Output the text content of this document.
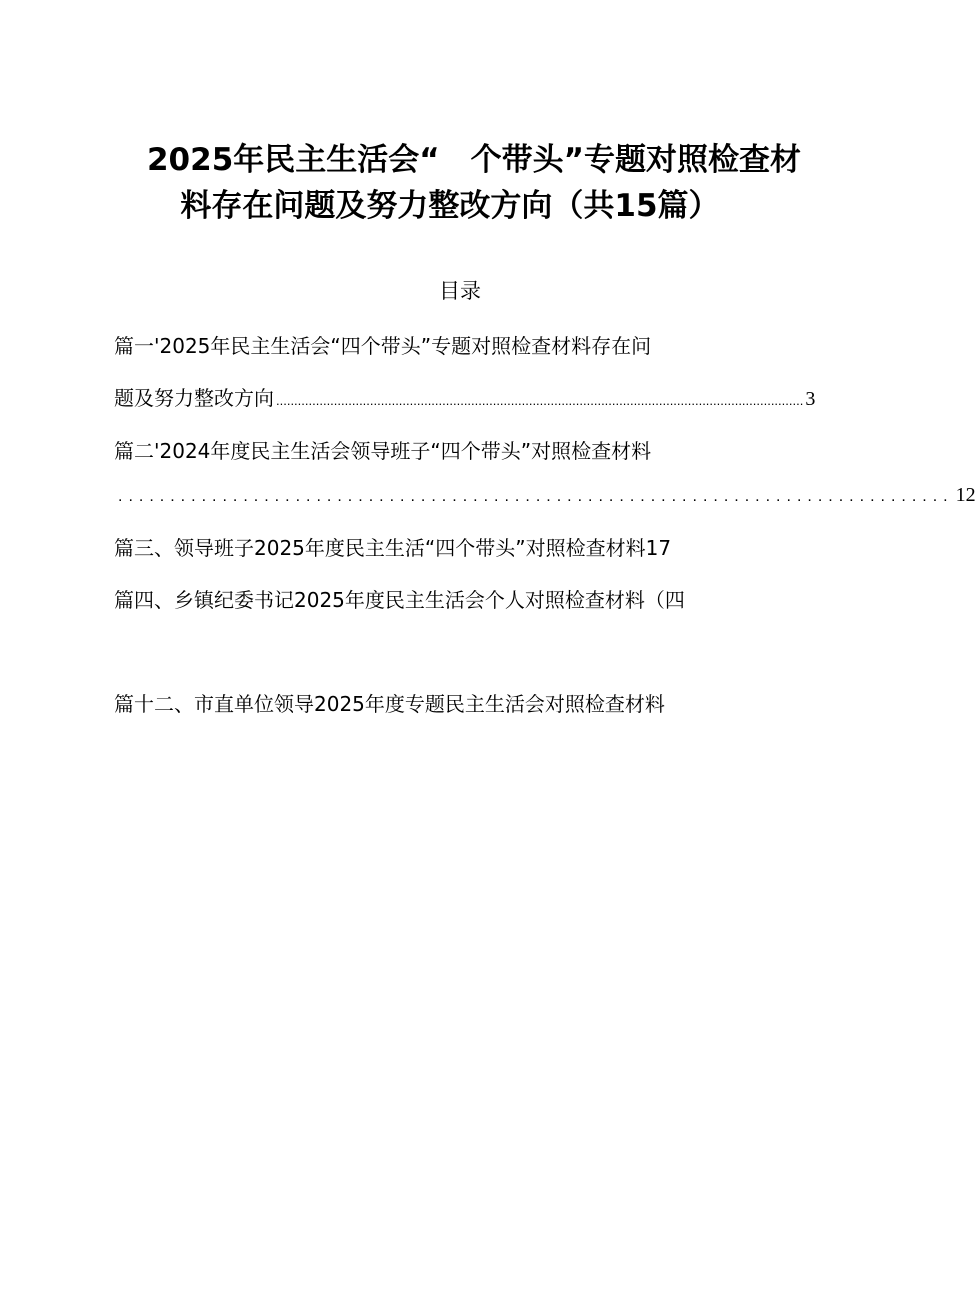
2025年民主生活会“　个带头”专题对照检查材
料存在问题及努力整改方向（共15篇）
目录
篇一'2025年民主生活会“四个带头”专题对照检查材料存在问
题及努力整改方向 .................................................................................................................................................. 3
篇二'2024年度民主生活会领导班子“四个带头”对照检查材料
................................................................................ 12
篇三、领导班子2025年度民主生活“四个带头”对照检查材料17
篇四、乡镇纪委书记2025年度民主生活会个人对照检查材料（四
篇十二、市直单位领导2025年度专题民主生活会对照检查材料
